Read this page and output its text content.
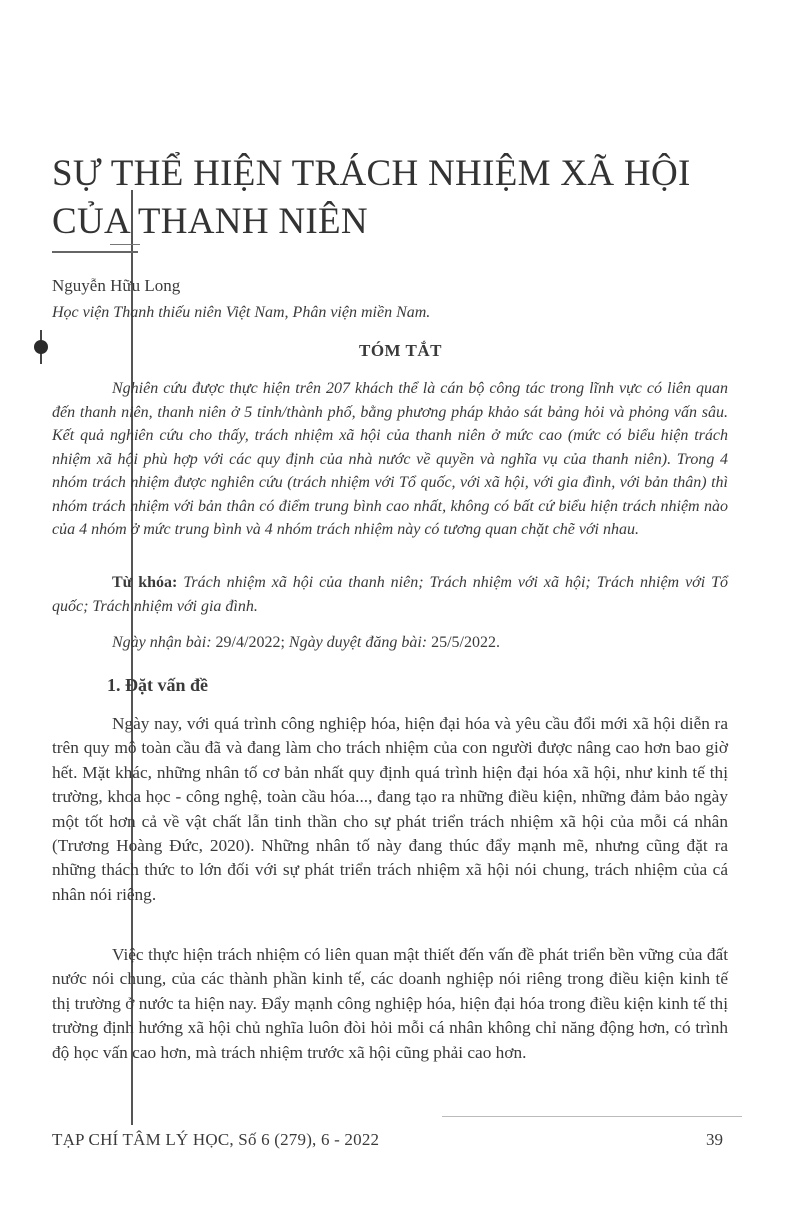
SỰ THỂ HIỆN TRÁCH NHIỆM XÃ HỘI
CỦA THANH NIÊN
Nguyễn Hữu Long
Học viện Thanh thiếu niên Việt Nam, Phân viện miền Nam.
TÓM TẮT

Nghiên cứu được thực hiện trên 207 khách thể là cán bộ công tác trong lĩnh vực có liên quan đến thanh niên, thanh niên ở 5 tỉnh/thành phố, bằng phương pháp khảo sát bảng hỏi và phỏng vấn sâu. Kết quả nghiên cứu cho thấy, trách nhiệm xã hội của thanh niên ở mức cao (mức có biểu hiện trách nhiệm xã hội phù hợp với các quy định của nhà nước về quyền và nghĩa vụ của thanh niên). Trong 4 nhóm trách nhiệm được nghiên cứu (trách nhiệm với Tổ quốc, với xã hội, với gia đình, với bản thân) thì nhóm trách nhiệm với bản thân có điểm trung bình cao nhất, không có bất cứ biểu hiện trách nhiệm nào của 4 nhóm ở mức trung bình và 4 nhóm trách nhiệm này có tương quan chặt chẽ với nhau.

Từ khóa: Trách nhiệm xã hội của thanh niên; Trách nhiệm với xã hội; Trách nhiệm với Tổ quốc; Trách nhiệm với gia đình.

Ngày nhận bài: 29/4/2022; Ngày duyệt đăng bài: 25/5/2022.

1. Đặt vấn đề

Ngày nay, với quá trình công nghiệp hóa, hiện đại hóa và yêu cầu đổi mới xã hội diễn ra trên quy mô toàn cầu đã và đang làm cho trách nhiệm của con người được nâng cao hơn bao giờ hết. Mặt khác, những nhân tố cơ bản nhất quy định quá trình hiện đại hóa xã hội, như kinh tế thị trường, khoa học - công nghệ, toàn cầu hóa..., đang tạo ra những điều kiện, những đảm bảo ngày một tốt hơn cả về vật chất lẫn tinh thần cho sự phát triển trách nhiệm xã hội của mỗi cá nhân (Trương Hoàng Đức, 2020). Những nhân tố này đang thúc đẩy mạnh mẽ, nhưng cũng đặt ra những thách thức to lớn đối với sự phát triển trách nhiệm xã hội nói chung, trách nhiệm của cá nhân nói riêng.

Việc thực hiện trách nhiệm có liên quan mật thiết đến vấn đề phát triển bền vững của đất nước nói chung, của các thành phần kinh tế, các doanh nghiệp nói riêng trong điều kiện kinh tế thị trường ở nước ta hiện nay. Đẩy mạnh công nghiệp hóa, hiện đại hóa trong điều kiện kinh tế thị trường định hướng xã hội chủ nghĩa luôn đòi hỏi mỗi cá nhân không chỉ năng động hơn, có trình độ học vấn cao hơn, mà trách nhiệm trước xã hội cũng phải cao hơn.

TẠP CHÍ TÂM LÝ HỌC, Số 6 (279), 6 - 2022	39
